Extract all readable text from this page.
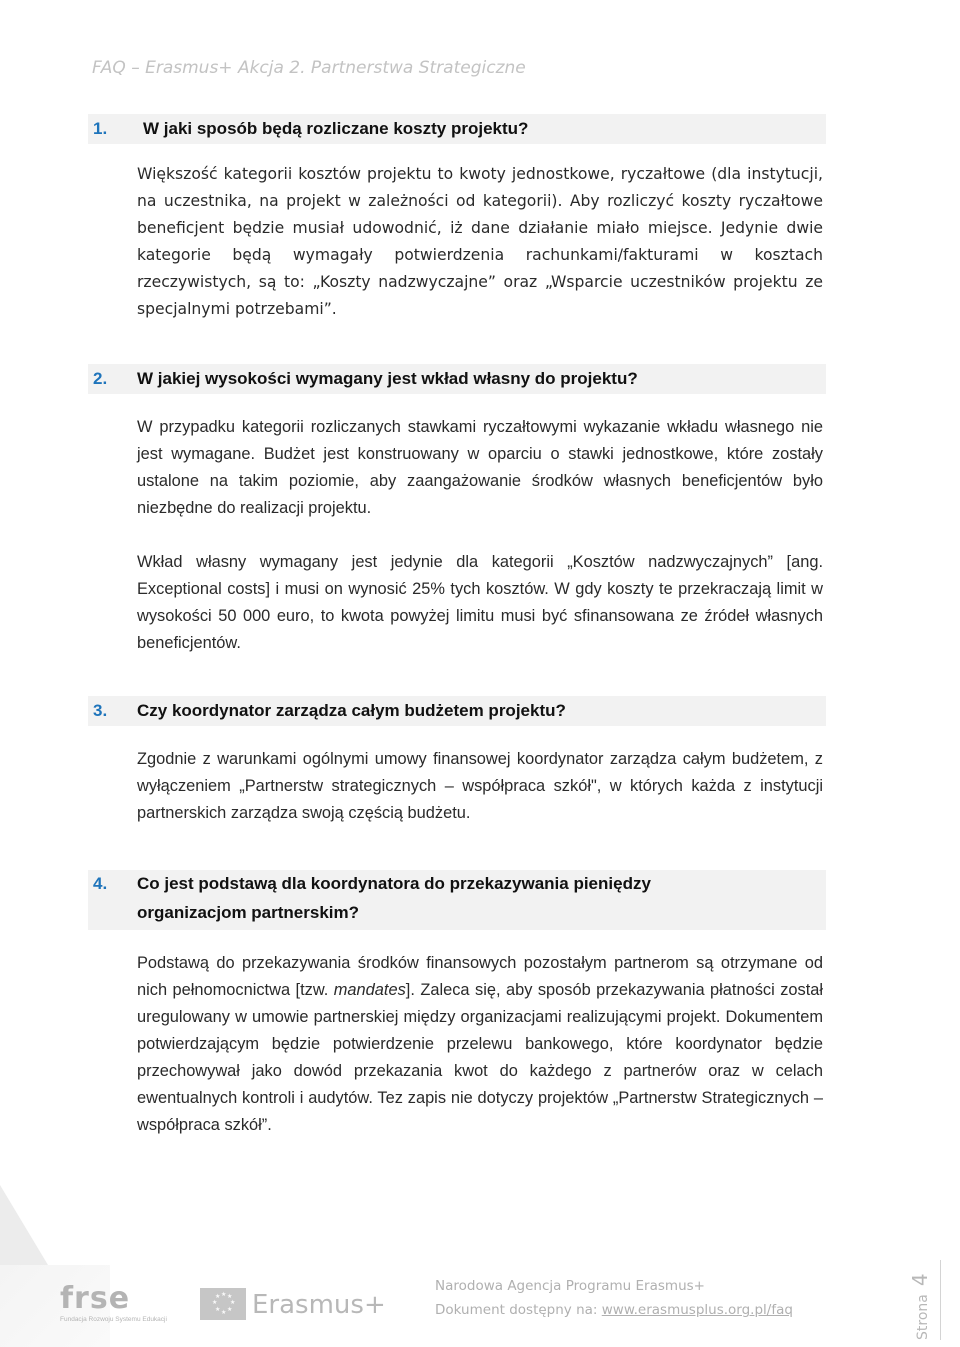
FAQ – Erasmus+ Akcja 2. Partnerstwa Strategiczne
1. W jaki sposób będą rozliczane koszty projektu?

Większość kategorii kosztów projektu to kwoty jednostkowe, ryczałtowe (dla instytucji, na uczestnika, na projekt w zależności od kategorii). Aby rozliczyć koszty ryczałtowe beneficjent będzie musiał udowodnić, iż dane działanie miało miejsce. Jedynie dwie kategorie będą wymagały potwierdzenia rachunkami/fakturami w kosztach rzeczywistych, są to: „Koszty nadzwyczajne” oraz „Wsparcie uczestników projektu ze specjalnymi potrzebami”.

2. W jakiej wysokości wymagany jest wkład własny do projektu?

W przypadku kategorii rozliczanych stawkami ryczałtowymi wykazanie wkładu własnego nie jest wymagane. Budżet jest konstruowany w oparciu o stawki jednostkowe, które zostały ustalone na takim poziomie, aby zaangażowanie środków własnych beneficjentów było niezbędne do realizacji projektu.

Wkład własny wymagany jest jedynie dla kategorii „Kosztów nadzwyczajnych” [ang. Exceptional costs] i musi on wynosić 25% tych kosztów. W gdy koszty te przekraczają limit w wysokości 50 000 euro, to kwota powyżej limitu musi być sfinansowana ze źródeł własnych beneficjentów.

3. Czy koordynator zarządza całym budżetem projektu?

Zgodnie z warunkami ogólnymi umowy finansowej koordynator zarządza całym budżetem, z wyłączeniem „Partnerstw strategicznych – współpraca szkół", w których każda z instytucji partnerskich zarządza swoją częścią budżetu.

4. Co jest podstawą dla koordynatora do przekazywania pieniędzy
organizacjom partnerskim?

Podstawą do przekazywania środków finansowych pozostałym partnerom są otrzymane od nich pełnomocnictwa [tzw. mandates]. Zaleca się, aby sposób przekazywania płatności został uregulowany w umowie partnerskiej między organizacjami realizującymi projekt. Dokumentem potwierdzającym będzie potwierdzenie przelewu bankowego, które koordynator będzie przechowywał jako dowód przekazania kwot do każdego z partnerów oraz w celach ewentualnych kontroli i audytów. Tez zapis nie dotyczy projektów „Partnerstw Strategicznych – współpraca szkół”.

frse
Fundacja Rozwoju Systemu Edukacji
★ ★
★
★
★
★
★
★ Erasmus+
Narodowa Agencja Programu Erasmus+
Dokument dostępny na: www.erasmusplus.org.pl/faq	Strona4
